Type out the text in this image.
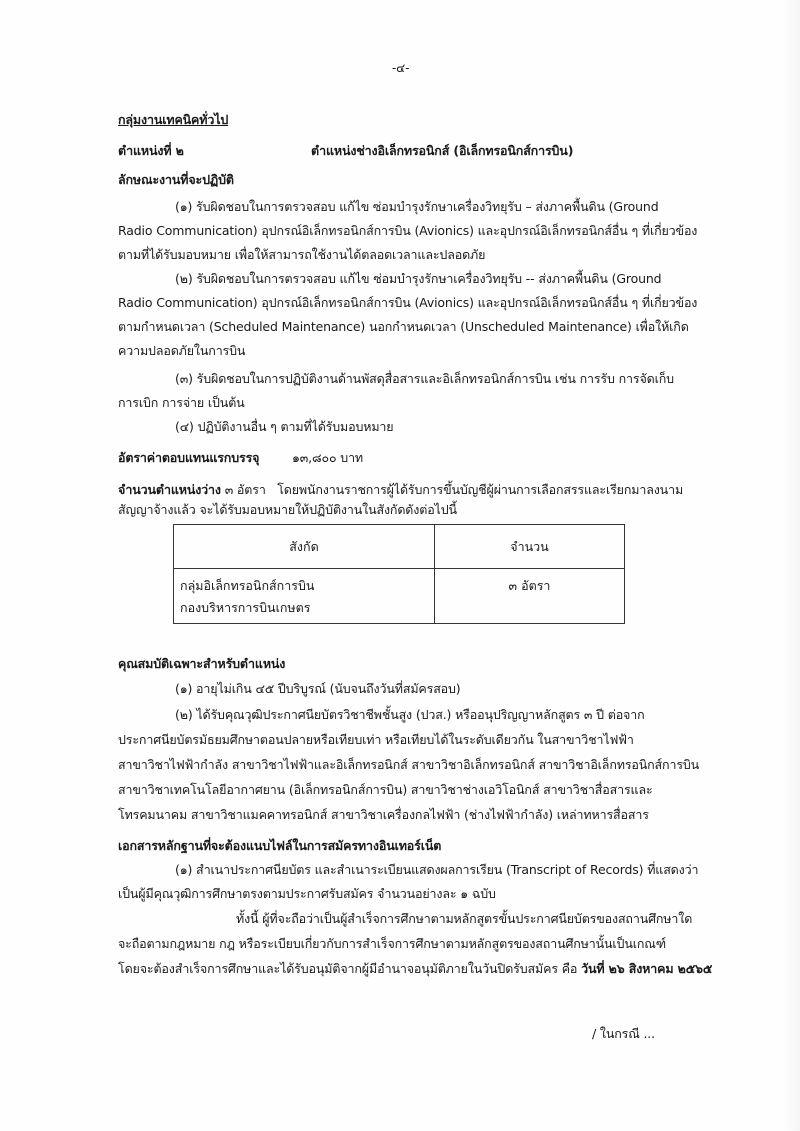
-๔-
กลุ่มงานเทคนิคทั่วไป
ตำแหน่งที่ ๒	ตำแหน่งช่างอิเล็กทรอนิกส์ (อิเล็กทรอนิกส์การบิน)
ลักษณะงานที่จะปฏิบัติ
(๑) รับผิดชอบในการตรวจสอบ แก้ไข ซ่อมบำรุงรักษาเครื่องวิทยุรับ – ส่งภาคพื้นดิน (Ground
Radio Communication) อุปกรณ์อิเล็กทรอนิกส์การบิน (Avionics) และอุปกรณ์อิเล็กทรอนิกส์อื่น ๆ ที่เกี่ยวข้อง
ตามที่ได้รับมอบหมาย เพื่อให้สามารถใช้งานได้ตลอดเวลาและปลอดภัย
(๒) รับผิดชอบในการตรวจสอบ แก้ไข ซ่อมบำรุงรักษาเครื่องวิทยุรับ -- ส่งภาคพื้นดิน (Ground
Radio Communication) อุปกรณ์อิเล็กทรอนิกส์การบิน (Avionics) และอุปกรณ์อิเล็กทรอนิกส์อื่น ๆ ที่เกี่ยวข้อง
ตามกำหนดเวลา (Scheduled Maintenance) นอกกำหนดเวลา (Unscheduled Maintenance) เพื่อให้เกิด
ความปลอดภัยในการบิน
(๓) รับผิดชอบในการปฏิบัติงานด้านพัสดุสื่อสารและอิเล็กทรอนิกส์การบิน เช่น การรับ การจัดเก็บ
การเบิก การจ่าย เป็นต้น
(๔) ปฏิบัติงานอื่น ๆ ตามที่ได้รับมอบหมาย
อัตราค่าตอบแทนแรกบรรจุ	๑๓,๘๐๐ บาท
จำนวนตำแหน่งว่าง ๓ อัตรา โดยพนักงานราชการผู้ได้รับการขึ้นบัญชีผู้ผ่านการเลือกสรรและเรียกมาลงนาม
สัญญาจ้างแล้ว จะได้รับมอบหมายให้ปฏิบัติงานในสังกัดดังต่อไปนี้
สังกัด	จำนวน

กลุ่มอิเล็กทรอนิกส์การบิน
กองบริหารการบินเกษตร	๓ อัตรา
คุณสมบัติเฉพาะสำหรับตำแหน่ง
(๑) อายุไม่เกิน ๔๕ ปีบริบูรณ์ (นับจนถึงวันที่สมัครสอบ)
(๒) ได้รับคุณวุฒิประกาศนียบัตรวิชาชีพชั้นสูง (ปวส.) หรืออนุปริญญาหลักสูตร ๓ ปี ต่อจาก
ประกาศนียบัตรมัธยมศึกษาตอนปลายหรือเทียบเท่า หรือเทียบได้ในระดับเดียวกัน ในสาขาวิชาไฟฟ้า
สาขาวิชาไฟฟ้ากำลัง สาขาวิชาไฟฟ้าและอิเล็กทรอนิกส์ สาขาวิชาอิเล็กทรอนิกส์ สาขาวิชาอิเล็กทรอนิกส์การบิน
สาขาวิชาเทคโนโลยีอากาศยาน (อิเล็กทรอนิกส์การบิน) สาขาวิชาช่างเอวิโอนิกส์ สาขาวิชาสื่อสารและ
โทรคมนาคม สาขาวิชาแมคคาทรอนิกส์ สาขาวิชาเครื่องกลไฟฟ้า (ช่างไฟฟ้ากำลัง) เหล่าทหารสื่อสาร
เอกสารหลักฐานที่จะต้องแนบไฟล์ในการสมัครทางอินเทอร์เน็ต
(๑) สำเนาประกาศนียบัตร และสำเนาระเบียนแสดงผลการเรียน (Transcript of Records) ที่แสดงว่า
เป็นผู้มีคุณวุฒิการศึกษาตรงตามประกาศรับสมัคร จำนวนอย่างละ ๑ ฉบับ
ทั้งนี้ ผู้ที่จะถือว่าเป็นผู้สำเร็จการศึกษาตามหลักสูตรขั้นประกาศนียบัตรของสถานศึกษาใด
จะถือตามกฎหมาย กฎ หรือระเบียบเกี่ยวกับการสำเร็จการศึกษาตามหลักสูตรของสถานศึกษานั้นเป็นเกณฑ์
โดยจะต้องสำเร็จการศึกษาและได้รับอนุมัติจากผู้มีอำนาจอนุมัติภายในวันปิดรับสมัคร คือ วันที่ ๒๖ สิงหาคม ๒๕๖๕
/ ในกรณี ...
